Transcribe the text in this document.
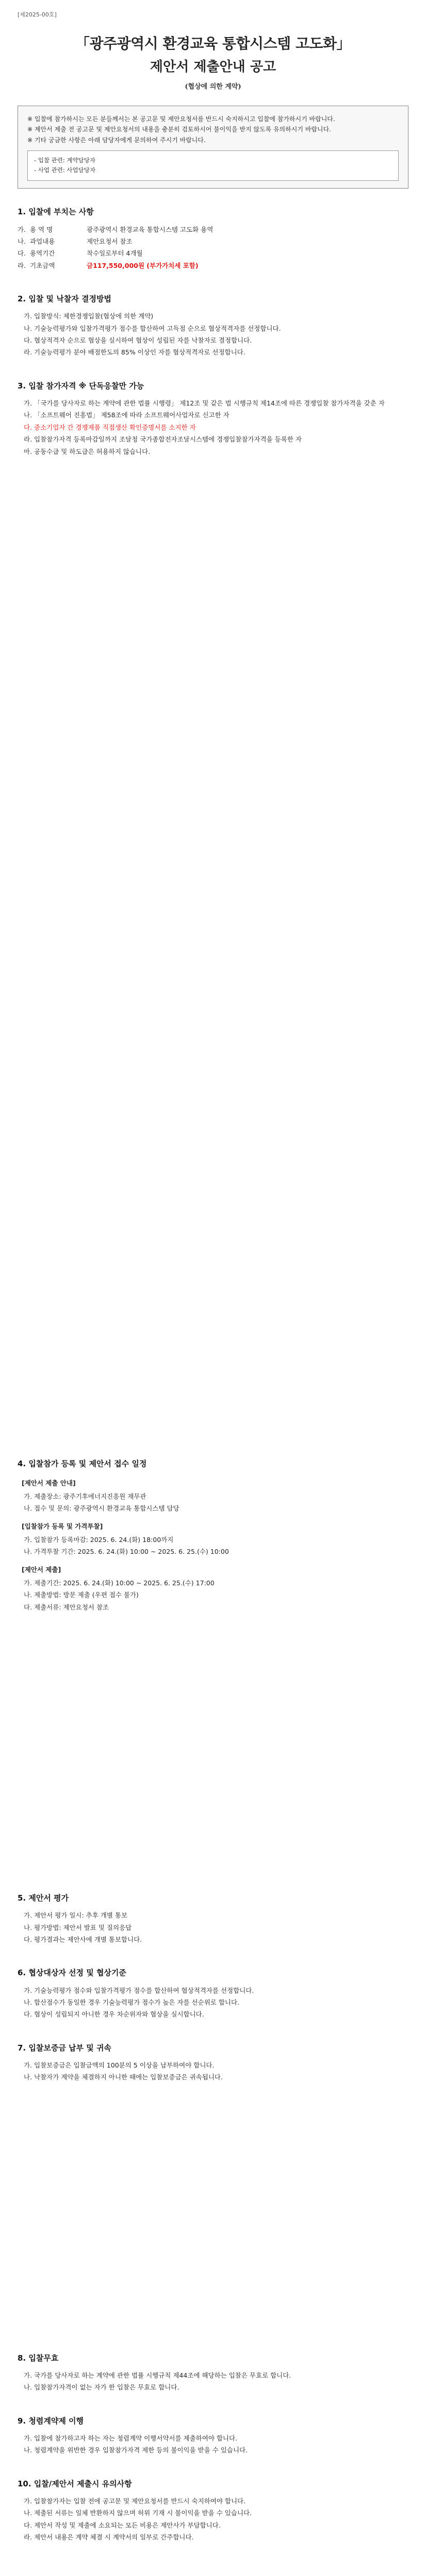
[제2025-00호]
「광주광역시 환경교육 통합시스템 고도화」
제안서 제출안내 공고
(협상에 의한 계약)

※ 입찰에 참가하시는 모든 분들께서는 본 공고문 및 제안요청서를 반드시 숙지하시고 입찰에 참가하시기 바랍니다.

※ 제안서 제출 전 공고문 및 제안요청서의 내용을 충분히 검토하시어 불이익을 받지 않도록 유의하시기 바랍니다.

※ 기타 궁금한 사항은 아래 담당자에게 문의하여 주시기 바랍니다.

- 입찰 관련: 계약담당자

- 사업 관련: 사업담당자

1. 입찰에 부치는 사항
가. 용 역 명	광주광역시 환경교육 통합시스템 고도화 용역
나. 과업내용	제안요청서 참조
다. 용역기간	착수일로부터 4개월
라. 기초금액	금117,550,000원 (부가가치세 포함)
2. 입찰 및 낙찰자 결정방법

가. 입찰방식: 제한경쟁입찰(협상에 의한 계약)

나. 기술능력평가와 입찰가격평가 점수를 합산하여 고득점 순으로 협상적격자를 선정합니다.

다. 협상적격자 순으로 협상을 실시하여 협상이 성립된 자를 낙찰자로 결정합니다.

라. 기술능력평가 분야 배점한도의 85% 이상인 자를 협상적격자로 선정합니다.

3. 입찰 참가자격 ※ 단독응찰만 가능

가. 「국가를 당사자로 하는 계약에 관한 법률 시행령」 제12조 및 같은 법 시행규칙 제14조에 따른 경쟁입찰 참가자격을 갖춘 자

나. 「소프트웨어 진흥법」 제58조에 따라 소프트웨어사업자로 신고한 자

다. 중소기업자 간 경쟁제품 직접생산 확인증명서를 소지한 자

라. 입찰참가자격 등록마감일까지 조달청 국가종합전자조달시스템에 경쟁입찰참가자격을 등록한 자

마. 공동수급 및 하도급은 허용하지 않습니다.

4. 입찰참가 등록 및 제안서 접수 일정
[제안서 제출 안내]

가. 제출장소: 광주기후에너지진흥원 재무관

나. 접수 및 문의: 광주광역시 환경교육 통합시스템 담당

[입찰참가 등록 및 가격투찰]

가. 입찰참가 등록마감: 2025. 6. 24.(화) 18:00까지

나. 가격투찰 기간: 2025. 6. 24.(화) 10:00 ~ 2025. 6. 25.(수) 10:00

[제안서 제출]

가. 제출기간: 2025. 6. 24.(화) 10:00 ~ 2025. 6. 25.(수) 17:00

나. 제출방법: 방문 제출 (우편 접수 불가)

다. 제출서류: 제안요청서 참조

5. 제안서 평가

가. 제안서 평가 일시: 추후 개별 통보

나. 평가방법: 제안서 발표 및 질의응답

다. 평가결과는 제안사에 개별 통보합니다.

6. 협상대상자 선정 및 협상기준

가. 기술능력평가 점수와 입찰가격평가 점수를 합산하여 협상적격자를 선정합니다.

나. 합산점수가 동일한 경우 기술능력평가 점수가 높은 자를 선순위로 합니다.

다. 협상이 성립되지 아니한 경우 차순위자와 협상을 실시합니다.

7. 입찰보증금 납부 및 귀속

가. 입찰보증금은 입찰금액의 100분의 5 이상을 납부하여야 합니다.

나. 낙찰자가 계약을 체결하지 아니한 때에는 입찰보증금은 귀속됩니다.

8. 입찰무효

가. 국가를 당사자로 하는 계약에 관한 법률 시행규칙 제44조에 해당하는 입찰은 무효로 합니다.

나. 입찰참가자격이 없는 자가 한 입찰은 무효로 합니다.

9. 청렴계약제 이행

가. 입찰에 참가하고자 하는 자는 청렴계약 이행서약서를 제출하여야 합니다.

나. 청렴계약을 위반한 경우 입찰참가자격 제한 등의 불이익을 받을 수 있습니다.

10. 입찰/제안서 제출시 유의사항

가. 입찰참가자는 입찰 전에 공고문 및 제안요청서를 반드시 숙지하여야 합니다.

나. 제출된 서류는 일체 반환하지 않으며 허위 기재 시 불이익을 받을 수 있습니다.

다. 제안서 작성 및 제출에 소요되는 모든 비용은 제안사가 부담합니다.

라. 제안서 내용은 계약 체결 시 계약서의 일부로 간주합니다.
